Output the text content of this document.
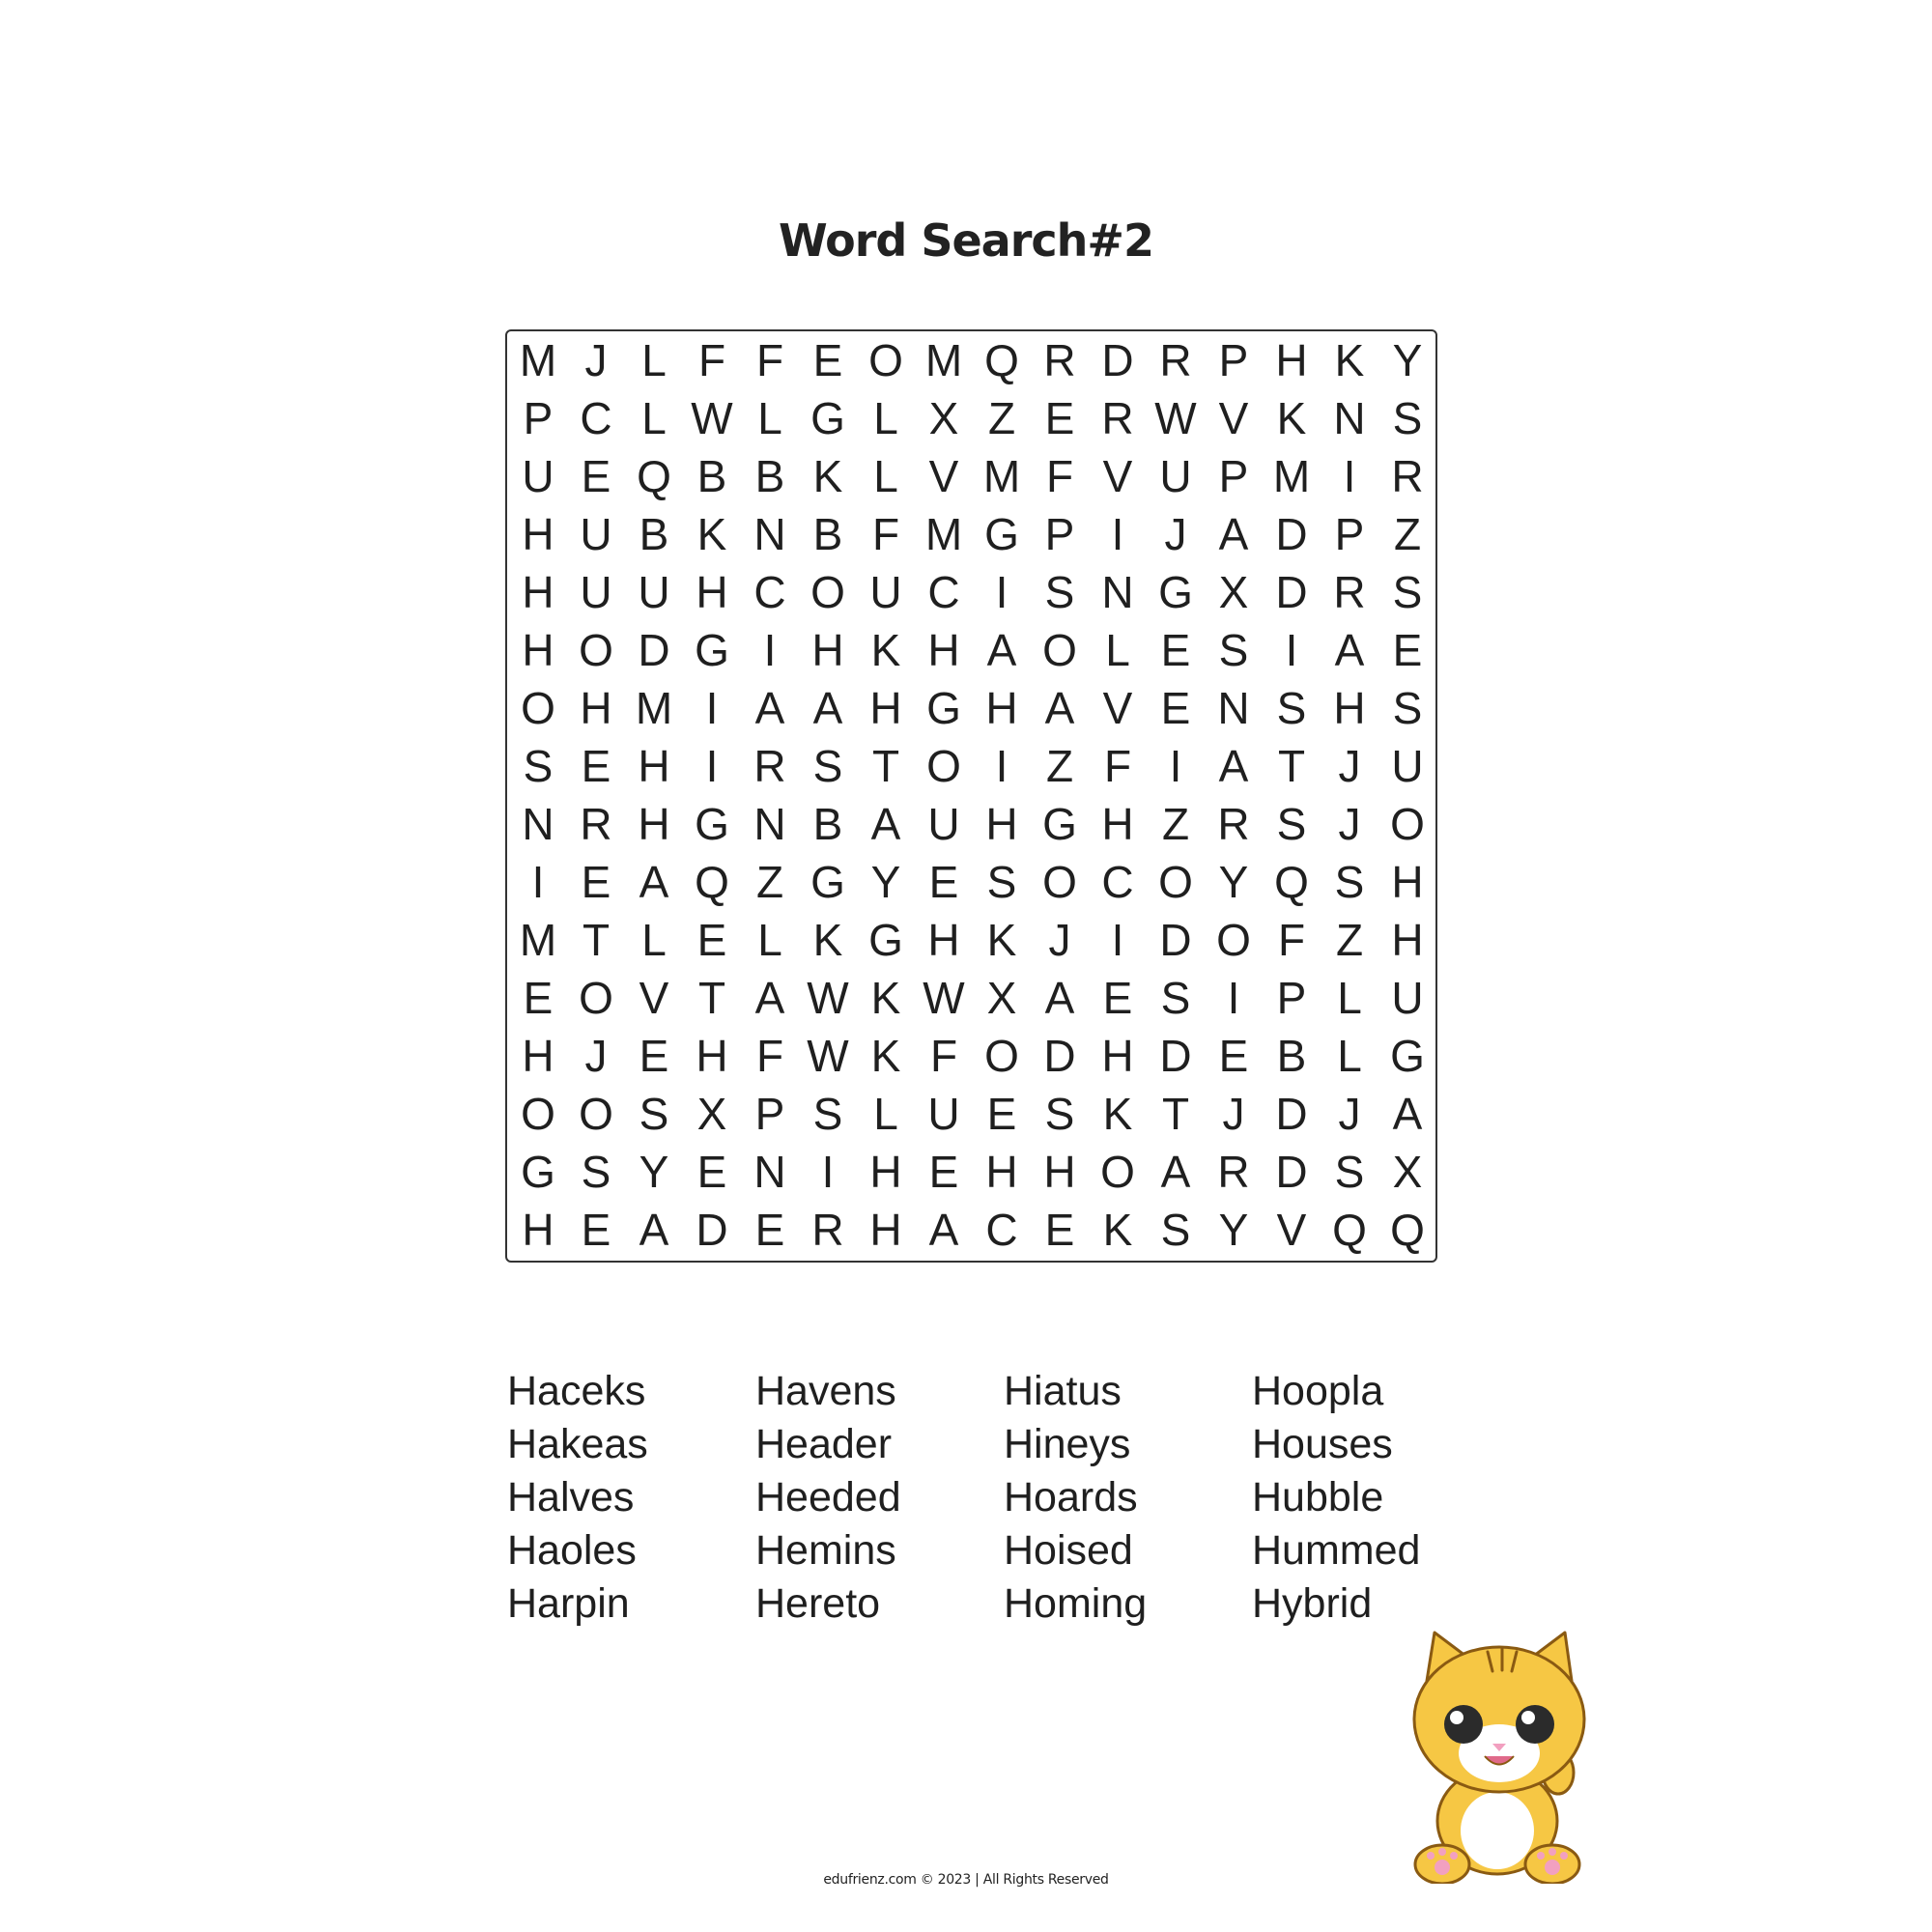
Word Search#2
M J L F F E O M Q R D R P H K Y
P C L W L G L X Z E R W V K N S
U E Q B B K L V M F V U P M I R
H U B K N B F M G P I J A D P Z
H U U H C O U C I S N G X D R S
H O D G I H K H A O L E S I A E
O H M I A A H G H A V E N S H S
S E H I R S T O I Z F I A T J U
N R H G N B A U H G H Z R S J O
I E A Q Z G Y E S O C O Y Q S H
M T L E L K G H K J I D O F Z H
E O V T A W K W X A E S I P L U
H J E H F W K F O D H D E B L G
O O S X P S L U E S K T J D J A
G S Y E N I H E H H O A R D S X
H E A D E R H A C E K S Y V Q Q
Haceks
Hakeas
Halves
Haoles
Harpin
Havens
Header
Heeded
Hemins
Hereto
Hiatus
Hineys
Hoards
Hoised
Homing
Hoopla
Houses
Hubble
Hummed
Hybrid
edufrienz.com © 2023 | All Rights Reserved
